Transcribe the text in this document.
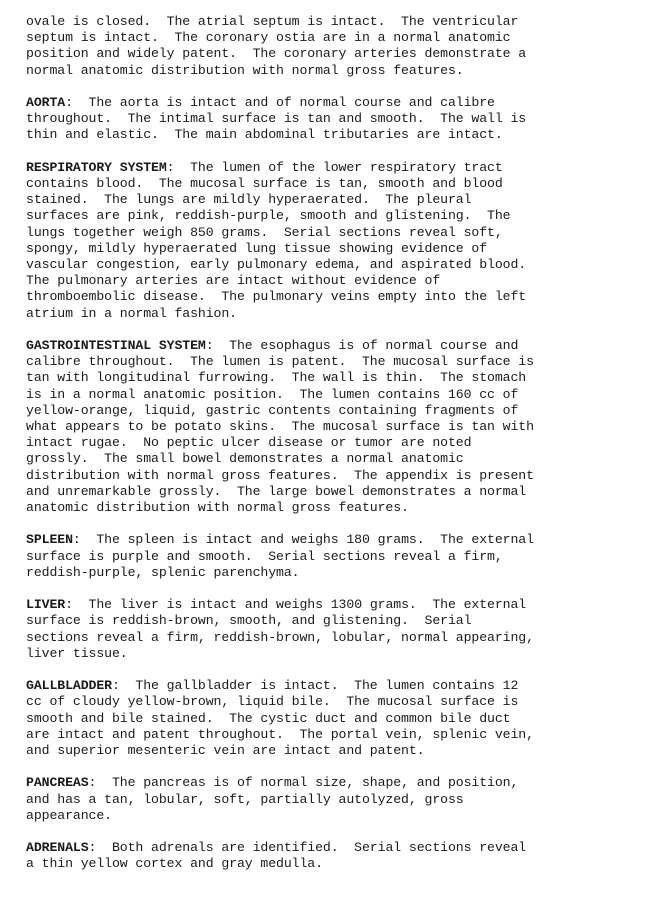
ovale is closed.  The atrial septum is intact.  The ventricular
septum is intact.  The coronary ostia are in a normal anatomic
position and widely patent.  The coronary arteries demonstrate a
normal anatomic distribution with normal gross features.
AORTA:  The aorta is intact and of normal course and calibre
throughout.  The intimal surface is tan and smooth.  The wall is
thin and elastic.  The main abdominal tributaries are intact.
RESPIRATORY SYSTEM:  The lumen of the lower respiratory tract
contains blood.  The mucosal surface is tan, smooth and blood
stained.  The lungs are mildly hyperaerated.  The pleural
surfaces are pink, reddish-purple, smooth and glistening.  The
lungs together weigh 850 grams.  Serial sections reveal soft,
spongy, mildly hyperaerated lung tissue showing evidence of
vascular congestion, early pulmonary edema, and aspirated blood.
The pulmonary arteries are intact without evidence of
thromboembolic disease.  The pulmonary veins empty into the left
atrium in a normal fashion.
GASTROINTESTINAL SYSTEM:  The esophagus is of normal course and
calibre throughout.  The lumen is patent.  The mucosal surface is
tan with longitudinal furrowing.  The wall is thin.  The stomach
is in a normal anatomic position.  The lumen contains 160 cc of
yellow-orange, liquid, gastric contents containing fragments of
what appears to be potato skins.  The mucosal surface is tan with
intact rugae.  No peptic ulcer disease or tumor are noted
grossly.  The small bowel demonstrates a normal anatomic
distribution with normal gross features.  The appendix is present
and unremarkable grossly.  The large bowel demonstrates a normal
anatomic distribution with normal gross features.
SPLEEN:  The spleen is intact and weighs 180 grams.  The external
surface is purple and smooth.  Serial sections reveal a firm,
reddish-purple, splenic parenchyma.
LIVER:  The liver is intact and weighs 1300 grams.  The external
surface is reddish-brown, smooth, and glistening.  Serial
sections reveal a firm, reddish-brown, lobular, normal appearing,
liver tissue.
GALLBLADDER:  The gallbladder is intact.  The lumen contains 12
cc of cloudy yellow-brown, liquid bile.  The mucosal surface is
smooth and bile stained.  The cystic duct and common bile duct
are intact and patent throughout.  The portal vein, splenic vein,
and superior mesenteric vein are intact and patent.
PANCREAS:  The pancreas is of normal size, shape, and position,
and has a tan, lobular, soft, partially autolyzed, gross
appearance.
ADRENALS:  Both adrenals are identified.  Serial sections reveal
a thin yellow cortex and gray medulla.
